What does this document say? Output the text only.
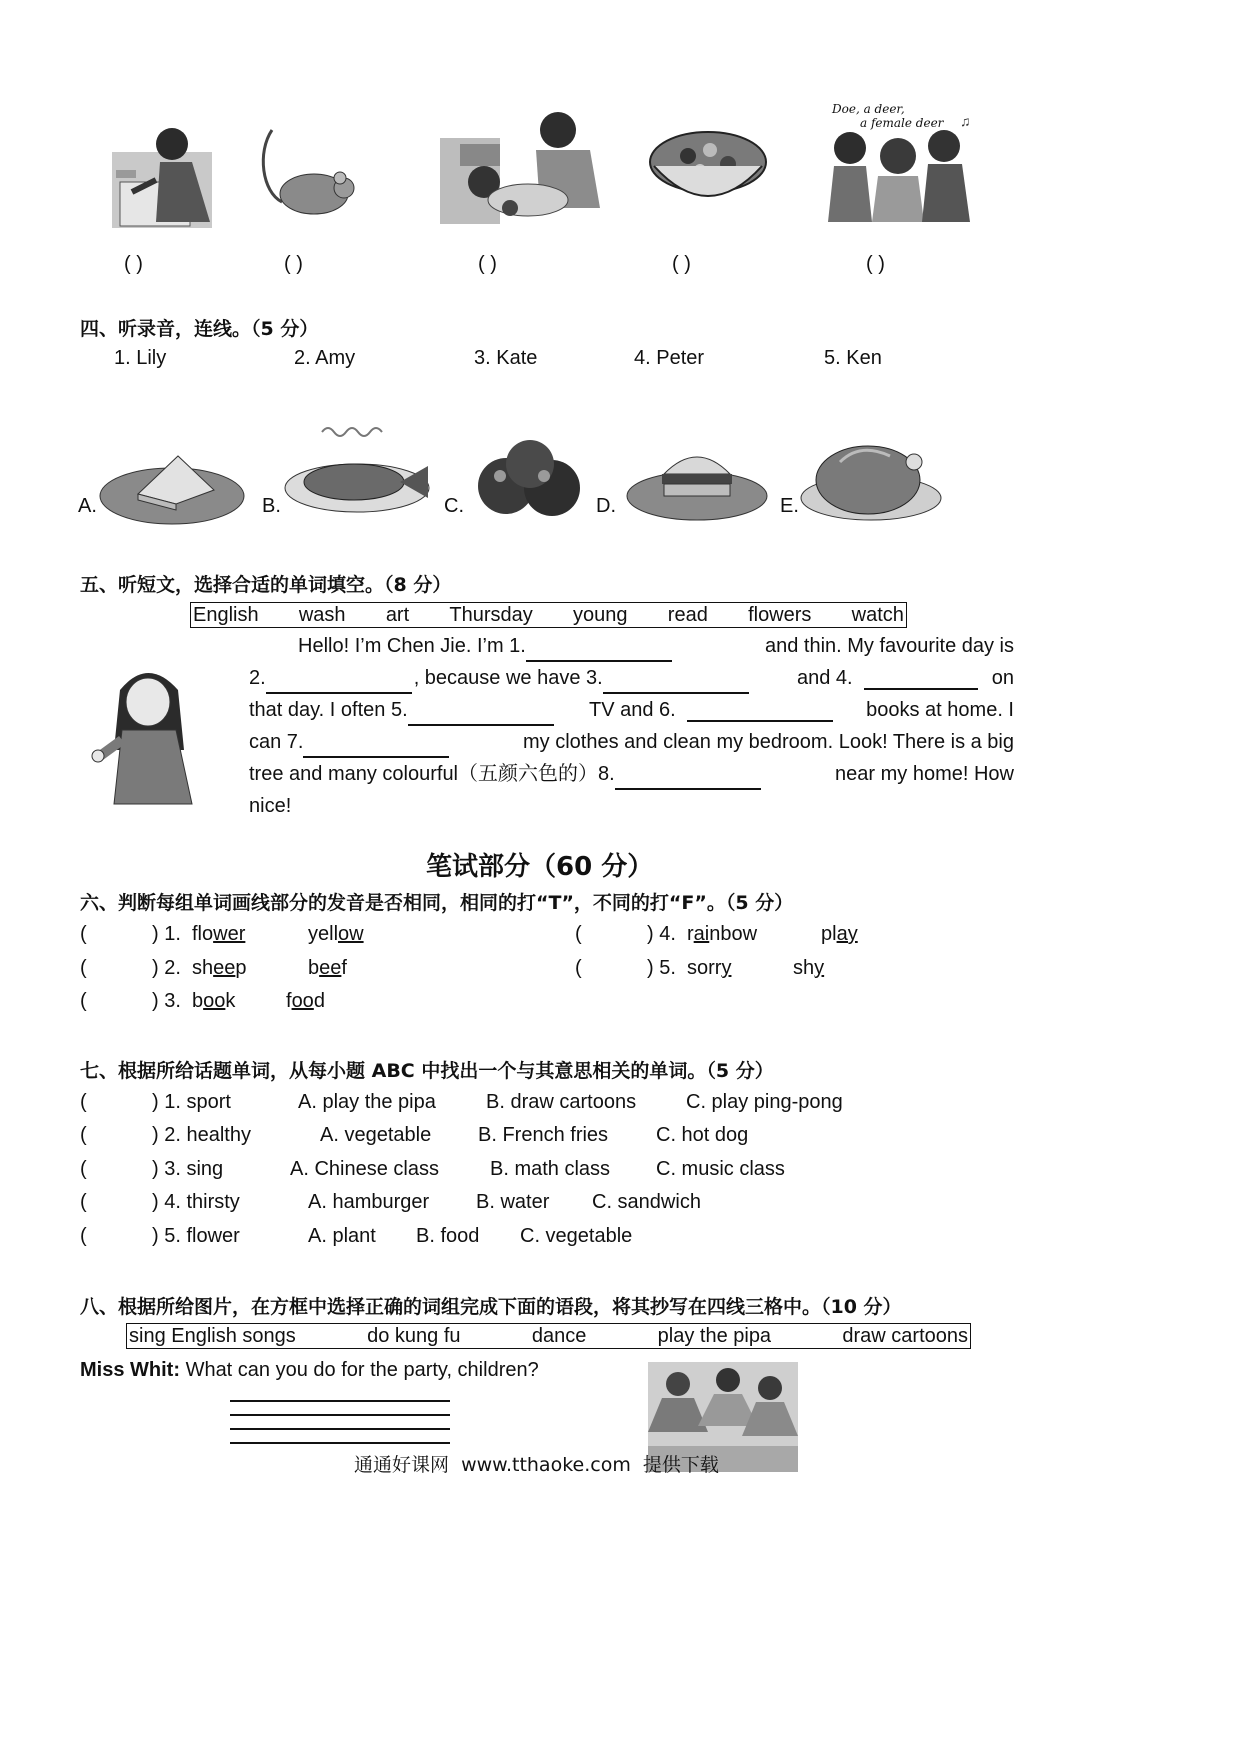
Doe, a deer,
a female deer ♫
( )	( )	( )	( )	( )
四、听录音，连线。（5 分）
1. Lily	2. Amy	3. Kate	4. Peter	5. Ken
A.	B.	C.	D.	E.
五、听短文，选择合适的单词填空。（8 分）
English wash art Thursday young read flowers watch
Hello! I’m Chen Jie. I’m 1.	and thin. My favourite day is
2.	, because we have 3.	and 4.	on
that day. I often 5.	TV and 6.	books at home. I
can 7.	my clothes and clean my bedroom. Look! There is a big
tree and many colourful（五颜六色的）8.	near my home! How
nice!
笔试部分（60 分）
六、判断每组单词画线部分的发音是否相同，相同的打“T”，不同的打“F”。（5 分）
(	) 1. flower	yellow
(	) 2. sheep	beef
(	) 3. book	food
(	) 4. rainbow	play
(	) 5. sorry	shy
七、根据所给话题单词，从每小题 ABC 中找出一个与其意思相关的单词。（5 分）
(	) 1. sport	A. play the pipa	B. draw cartoons C. play ping-pong
(	) 2. healthy	A. vegetable B. French fries C. hot dog
(	) 3. sing	A. Chinese class	B. math class C. music class
(	) 4. thirsty	A. hamburger B. water C. sandwich
(	) 5. flower	A. plant B. food C. vegetable
八、根据所给图片，在方框中选择正确的词组完成下面的语段，将其抄写在四线三格中。（10 分）
sing English songs	do kung fu	dance	play the pipa	draw cartoons
Miss Whit: What can you do for the party, children?
通通好课网  www.tthaoke.com  提供下载
